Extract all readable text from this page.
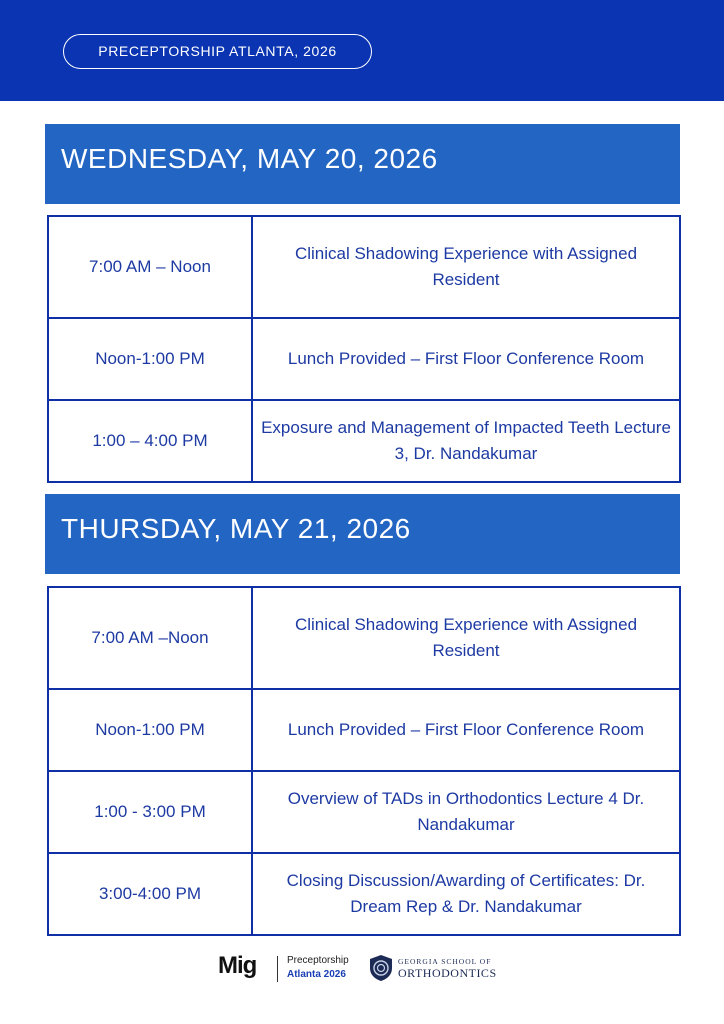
PRECEPTORSHIP ATLANTA, 2026
WEDNESDAY, MAY 20, 2026
7:00 AM – Noon	Clinical Shadowing Experience with Assigned Resident
Noon-1:00 PM	Lunch Provided – First Floor Conference Room
1:00 – 4:00 PM	Exposure and Management of Impacted Teeth Lecture 3, Dr. Nandakumar
THURSDAY, MAY 21, 2026
7:00 AM –Noon	Clinical Shadowing Experience with Assigned Resident
Noon-1:00 PM	Lunch Provided – First Floor Conference Room
1:00 - 3:00 PM	Overview of TADs in Orthodontics Lecture 4 Dr. Nandakumar
3:00-4:00 PM	Closing Discussion/Awarding of Certificates: Dr. Dream Rep & Dr. Nandakumar
Mig	Preceptorship
Atlanta 2026
GEORGIA SCHOOL OF
ORTHODONTICS
